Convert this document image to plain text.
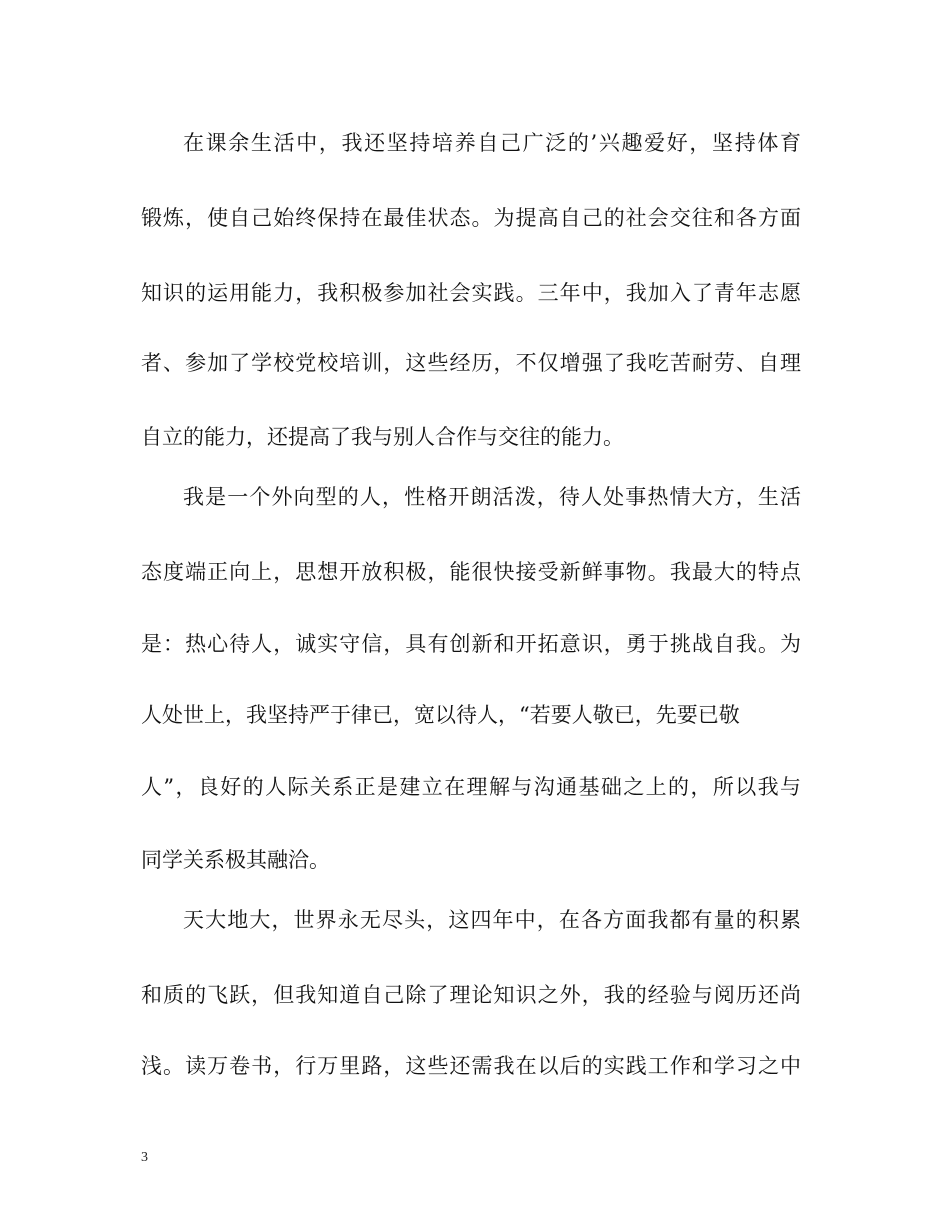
在课余生活中，我还坚持培养自己广泛的’兴趣爱好，坚持体育
锻炼，使自己始终保持在最佳状态。为提高自己的社会交往和各方面
知识的运用能力，我积极参加社会实践。三年中，我加入了青年志愿
者、参加了学校党校培训，这些经历，不仅增强了我吃苦耐劳、自理
自立的能力，还提高了我与别人合作与交往的能力。
我是一个外向型的人，性格开朗活泼，待人处事热情大方，生活
态度端正向上，思想开放积极，能很快接受新鲜事物。我最大的特点
是：热心待人，诚实守信，具有创新和开拓意识，勇于挑战自我。为
人处世上，我坚持严于律已，宽以待人，“若要人敬已，先要已敬
人”，良好的人际关系正是建立在理解与沟通基础之上的，所以我与
同学关系极其融洽。
天大地大，世界永无尽头，这四年中，在各方面我都有量的积累
和质的飞跃，但我知道自己除了理论知识之外，我的经验与阅历还尚
浅。读万卷书，行万里路，这些还需我在以后的实践工作和学习之中
3
